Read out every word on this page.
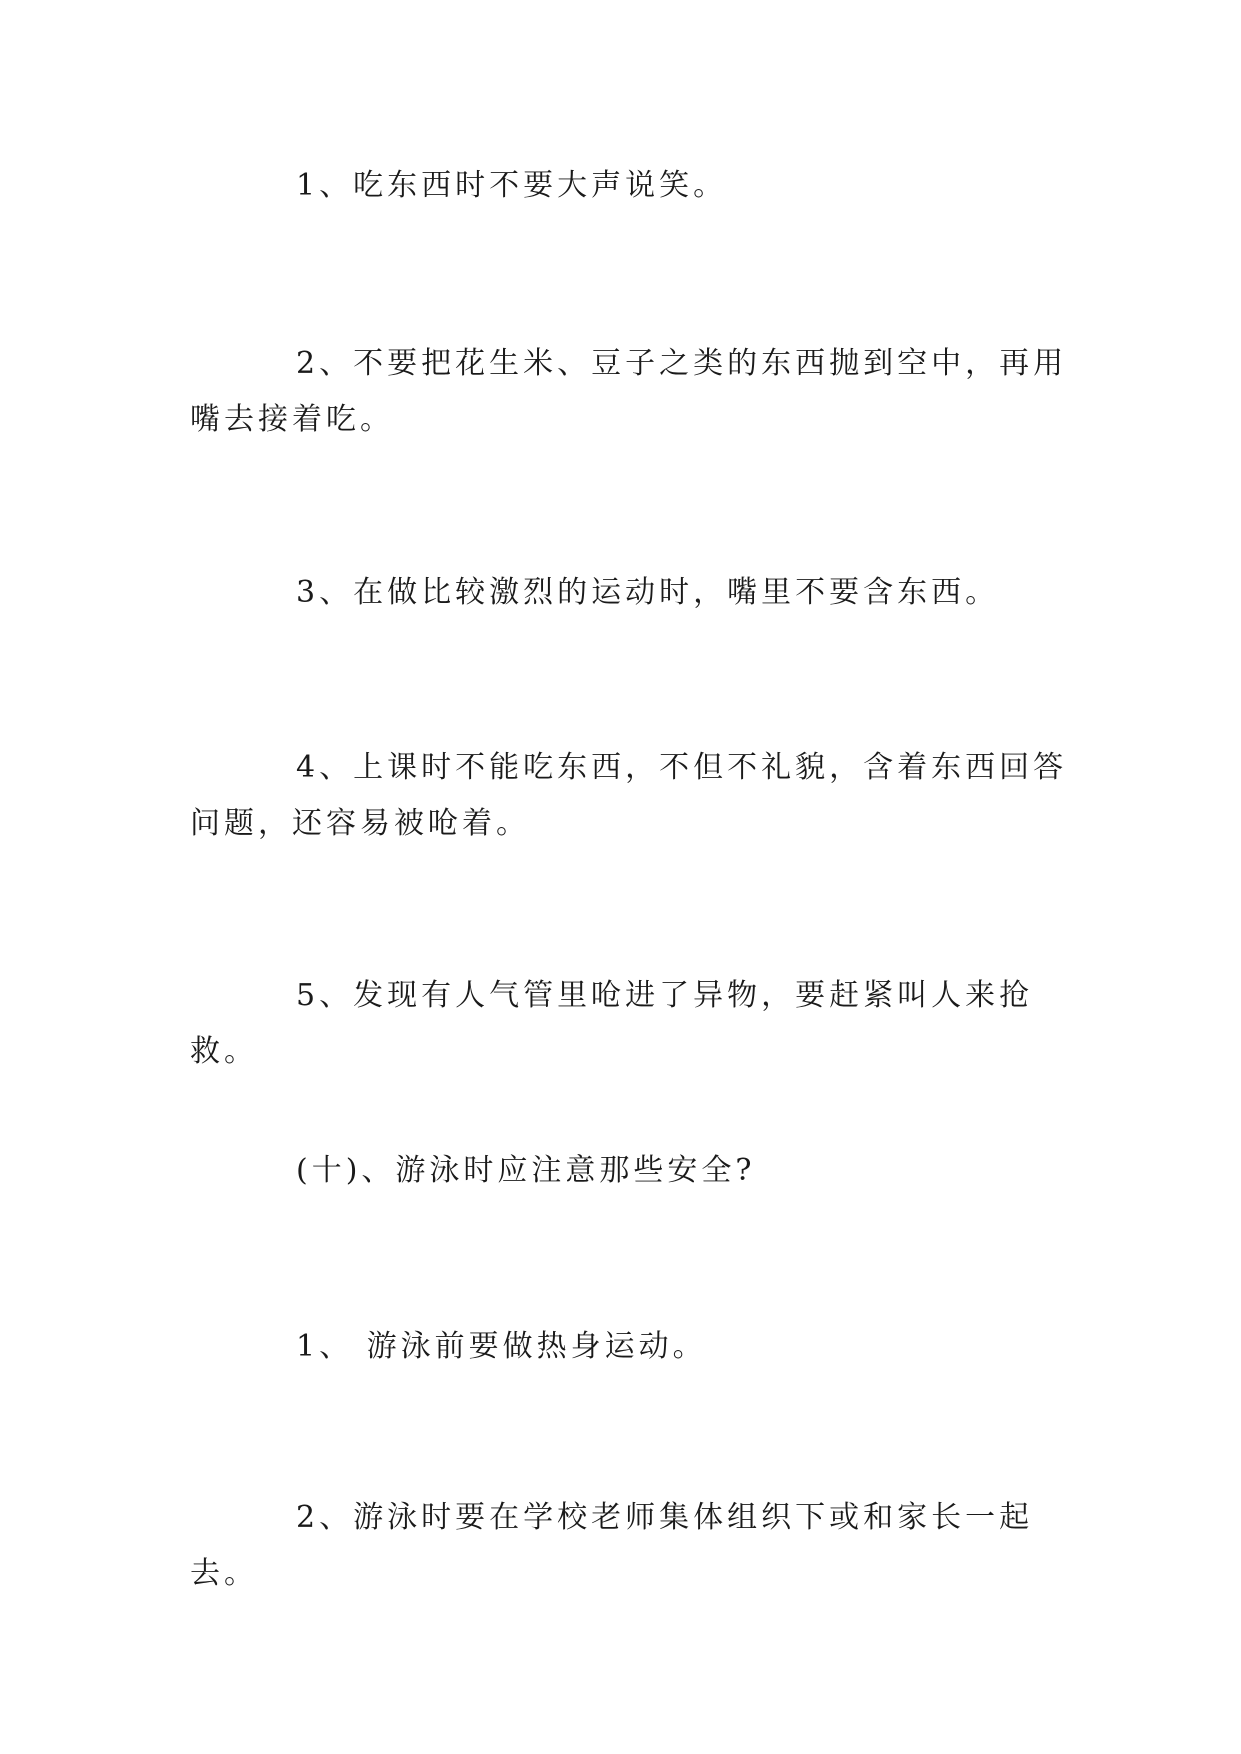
1、吃东西时不要大声说笑。

2、不要把花生米、豆子之类的东西抛到空中，再用嘴去接着吃。

3、在做比较激烈的运动时，嘴里不要含东西。

4、上课时不能吃东西，不但不礼貌，含着东西回答问题，还容易被呛着。

5、发现有人气管里呛进了异物，要赶紧叫人来抢救。

(十)、游泳时应注意那些安全?

1、 游泳前要做热身运动。

2、游泳时要在学校老师集体组织下或和家长一起去。
